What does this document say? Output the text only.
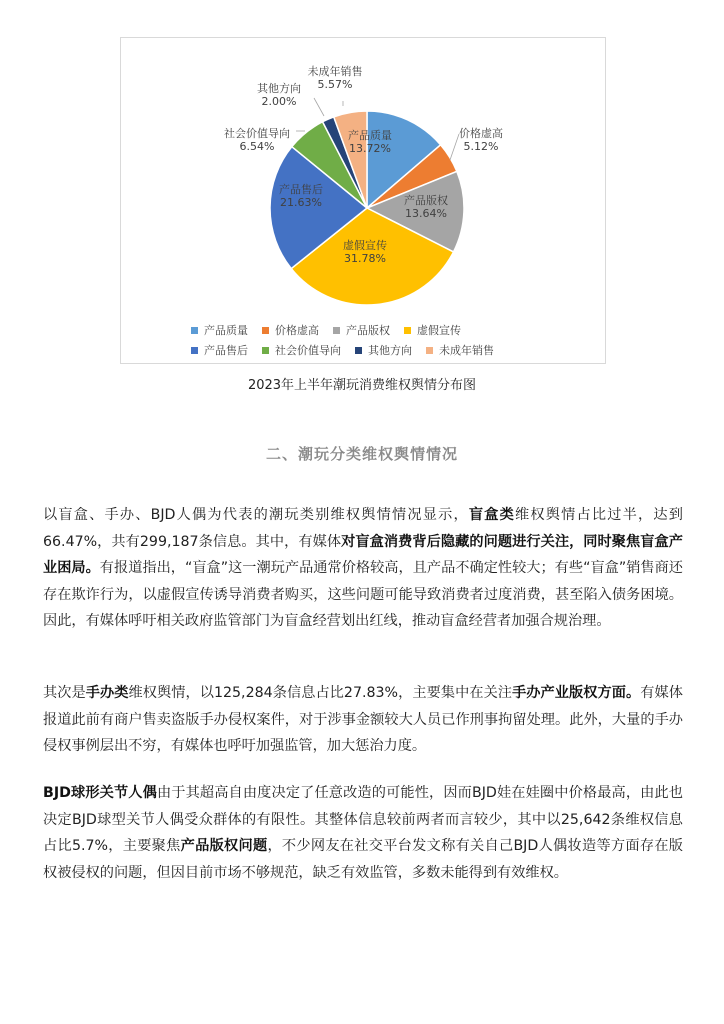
产品质量 13.72%
价格虚高 5.12%
产品版权 13.64%
虚假宣传 31.78%
产品售后 21.63%
社会价值导向 6.54%
其他方向 2.00%
未成年销售 5.57%
产品质量 价格虚高 产品版权 虚假宣传
产品售后 社会价值导向 其他方向 未成年销售
2023年上半年潮玩消费维权舆情分布图
二、潮玩分类维权舆情情况

以盲盒、手办、BJD人偶为代表的潮玩类别维权舆情情况显示，盲盒类维权舆情占比过半，达到66.47%，共有299,187条信息。其中，有媒体对盲盒消费背后隐藏的问题进行关注，同时聚焦盲盒产业困局。有报道指出，“盲盒”这一潮玩产品通常价格较高，且产品不确定性较大；有些“盲盒”销售商还存在欺诈行为，以虚假宣传诱导消费者购买，这些问题可能导致消费者过度消费，甚至陷入债务困境。因此，有媒体呼吁相关政府监管部门为盲盒经营划出红线，推动盲盒经营者加强合规治理。

其次是手办类维权舆情，以125,284条信息占比27.83%，主要集中在关注手办产业版权方面。有媒体报道此前有商户售卖盗版手办侵权案件，对于涉事金额较大人员已作刑事拘留处理。此外，大量的手办侵权事例层出不穷，有媒体也呼吁加强监管，加大惩治力度。

BJD球形关节人偶由于其超高自由度决定了任意改造的可能性，因而BJD娃在娃圈中价格最高，由此也决定BJD球型关节人偶受众群体的有限性。其整体信息较前两者而言较少，其中以25,642条维权信息占比5.7%，主要聚焦产品版权问题，不少网友在社交平台发文称有关自己BJD人偶妆造等方面存在版权被侵权的问题，但因目前市场不够规范，缺乏有效监管，多数未能得到有效维权。
